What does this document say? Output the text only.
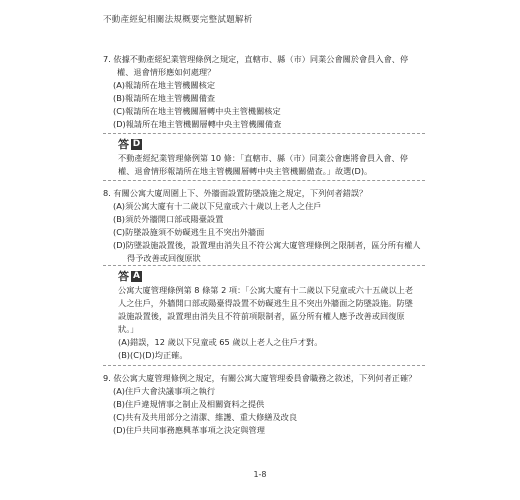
不動產經紀相關法規概要完整試題解析
7. 依據不動產經紀業管理條例之規定，直轄市、縣（市）同業公會關於會員入會、停權、退會情形應如何處理？
(A)報請所在地主管機關核定
(B)報請所在地主管機關備查
(C)報請所在地主管機關層轉中央主管機關核定
(D)報請所在地主管機關層轉中央主管機關備查
答 D
不動產經紀業管理條例第 10 條：「直轄市、縣（市）同業公會應將會員入會、停權、退會情形報請所在地主管機關層轉中央主管機關備查。」故選(D)。
8. 有關公寓大廈周圍上下、外牆面設置防墜設施之規定，下列何者錯誤？
(A)須公寓大廈有十二歲以下兒童或六十歲以上老人之住戶
(B)須於外牆開口部或陽臺設置
(C)防墜設施須不妨礙逃生且不突出外牆面
(D)防墜設施設置後，設置理由消失且不符公寓大廈管理條例之限制者，區分所有權人得予改善或回復原狀
答 A
公寓大廈管理條例第 8 條第 2 項：「公寓大廈有十二歲以下兒童或六十五歲以上老人之住戶，外牆開口部或陽臺得設置不妨礙逃生且不突出外牆面之防墜設施。防墜設施設置後，設置理由消失且不符前項限制者，區分所有權人應予改善或回復原狀。」
(A)錯誤，12 歲以下兒童或 65 歲以上老人之住戶才對。
(B)(C)(D)均正確。
9. 依公寓大廈管理條例之規定，有關公寓大廈管理委員會職務之敘述，下列何者正確？
(A)住戶大會決議事項之執行
(B)住戶違規情事之制止及相關資料之提供
(C)共有及共用部分之清潔、維護、重大修繕及改良
(D)住戶共同事務應興革事項之決定與管理
1-8
